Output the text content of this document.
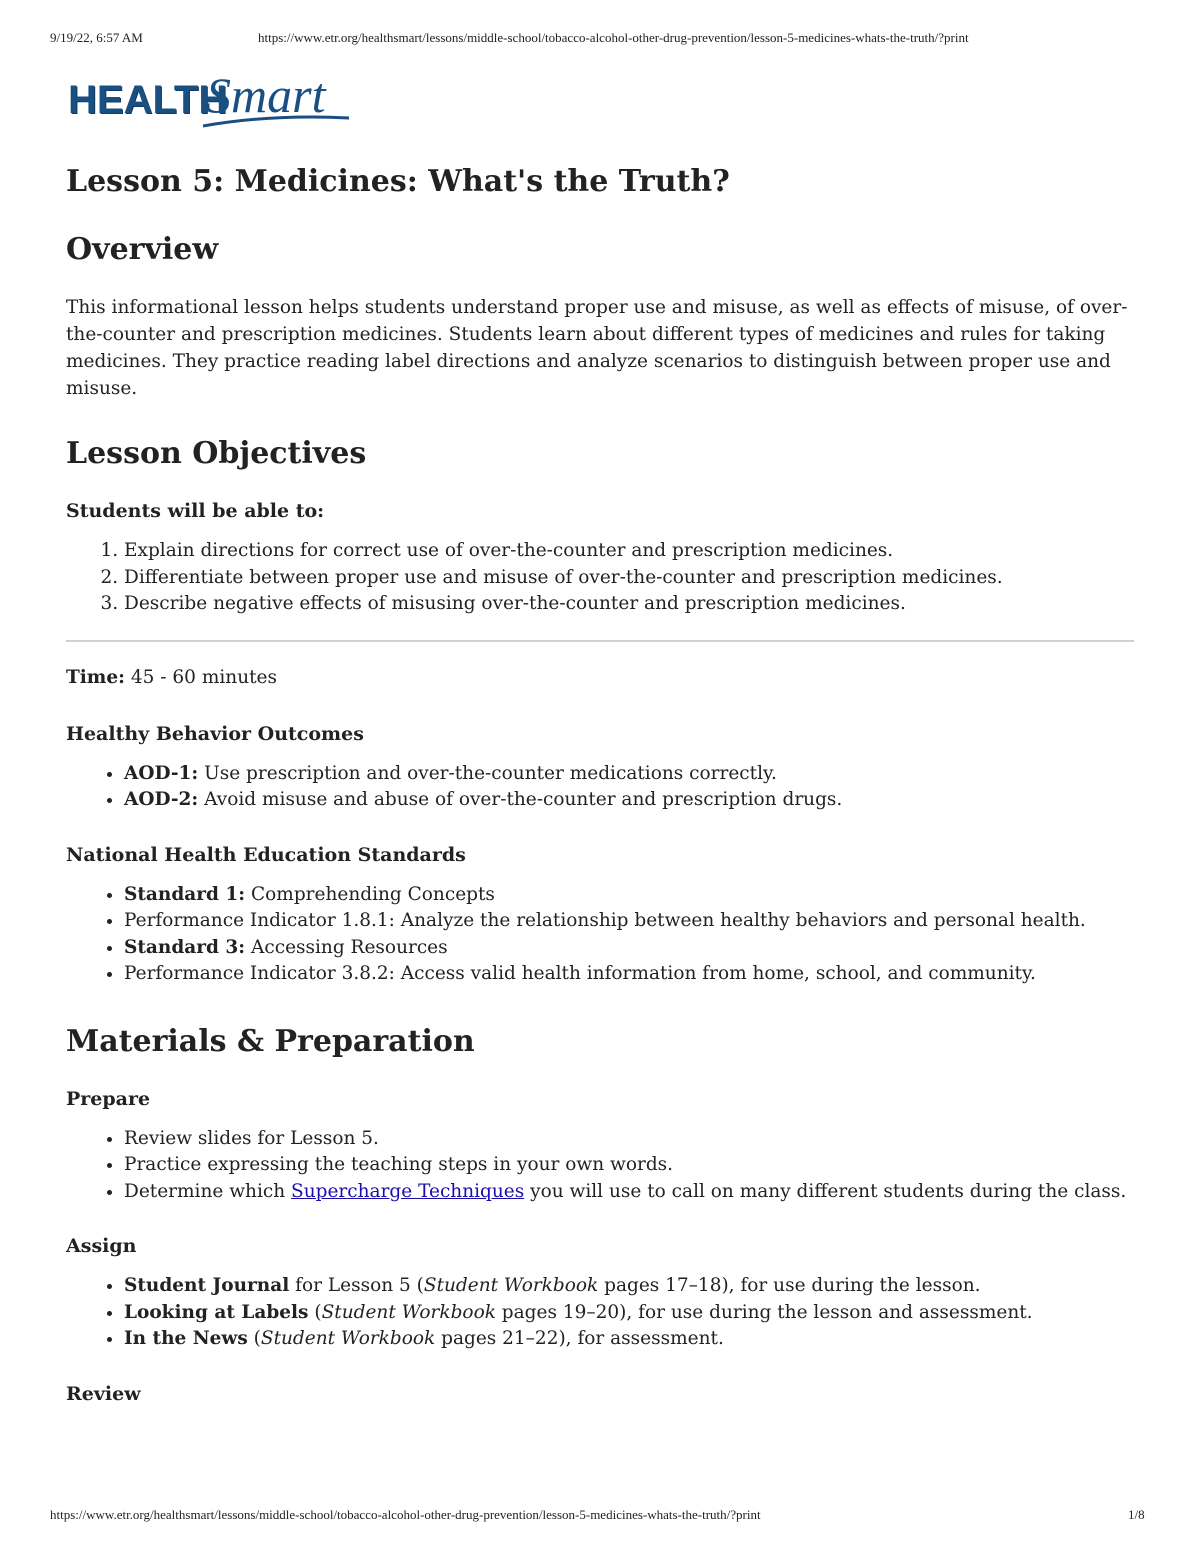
9/19/22, 6:57 AM	https://www.etr.org/healthsmart/lessons/middle-school/tobacco-alcohol-other-drug-prevention/lesson-5-medicines-whats-the-truth/?print
HEALTH
Smart
Lesson 5: Medicines: What's the Truth?
Overview

This informational lesson helps students understand proper use and misuse, as well as effects of misuse, of over-the-counter and prescription medicines. Students learn about different types of medicines and rules for taking medicines. They practice reading label directions and analyze scenarios to distinguish between proper use and misuse.

Lesson Objectives
Students will be able to:
1. Explain directions for correct use of over-the-counter and prescription medicines.
2. Differentiate between proper use and misuse of over-the-counter and prescription medicines.
3. Describe negative effects of misusing over-the-counter and prescription medicines.

Time: 45 - 60 minutes

Healthy Behavior Outcomes
• AOD-1: Use prescription and over-the-counter medications correctly.
• AOD-2: Avoid misuse and abuse of over-the-counter and prescription drugs.
National Health Education Standards
• Standard 1: Comprehending Concepts
• Performance Indicator 1.8.1: Analyze the relationship between healthy behaviors and personal health.
• Standard 3: Accessing Resources
• Performance Indicator 3.8.2: Access valid health information from home, school, and community.
Materials & Preparation
Prepare
• Review slides for Lesson 5.
• Practice expressing the teaching steps in your own words.
• Determine which Supercharge Techniques you will use to call on many different students during the class.
Assign
• Student Journal for Lesson 5 (Student Workbook pages 17–18), for use during the lesson.
• Looking at Labels (Student Workbook pages 19–20), for use during the lesson and assessment.
• In the News (Student Workbook pages 21–22), for assessment.
Review
https://www.etr.org/healthsmart/lessons/middle-school/tobacco-alcohol-other-drug-prevention/lesson-5-medicines-whats-the-truth/?print	1/8
